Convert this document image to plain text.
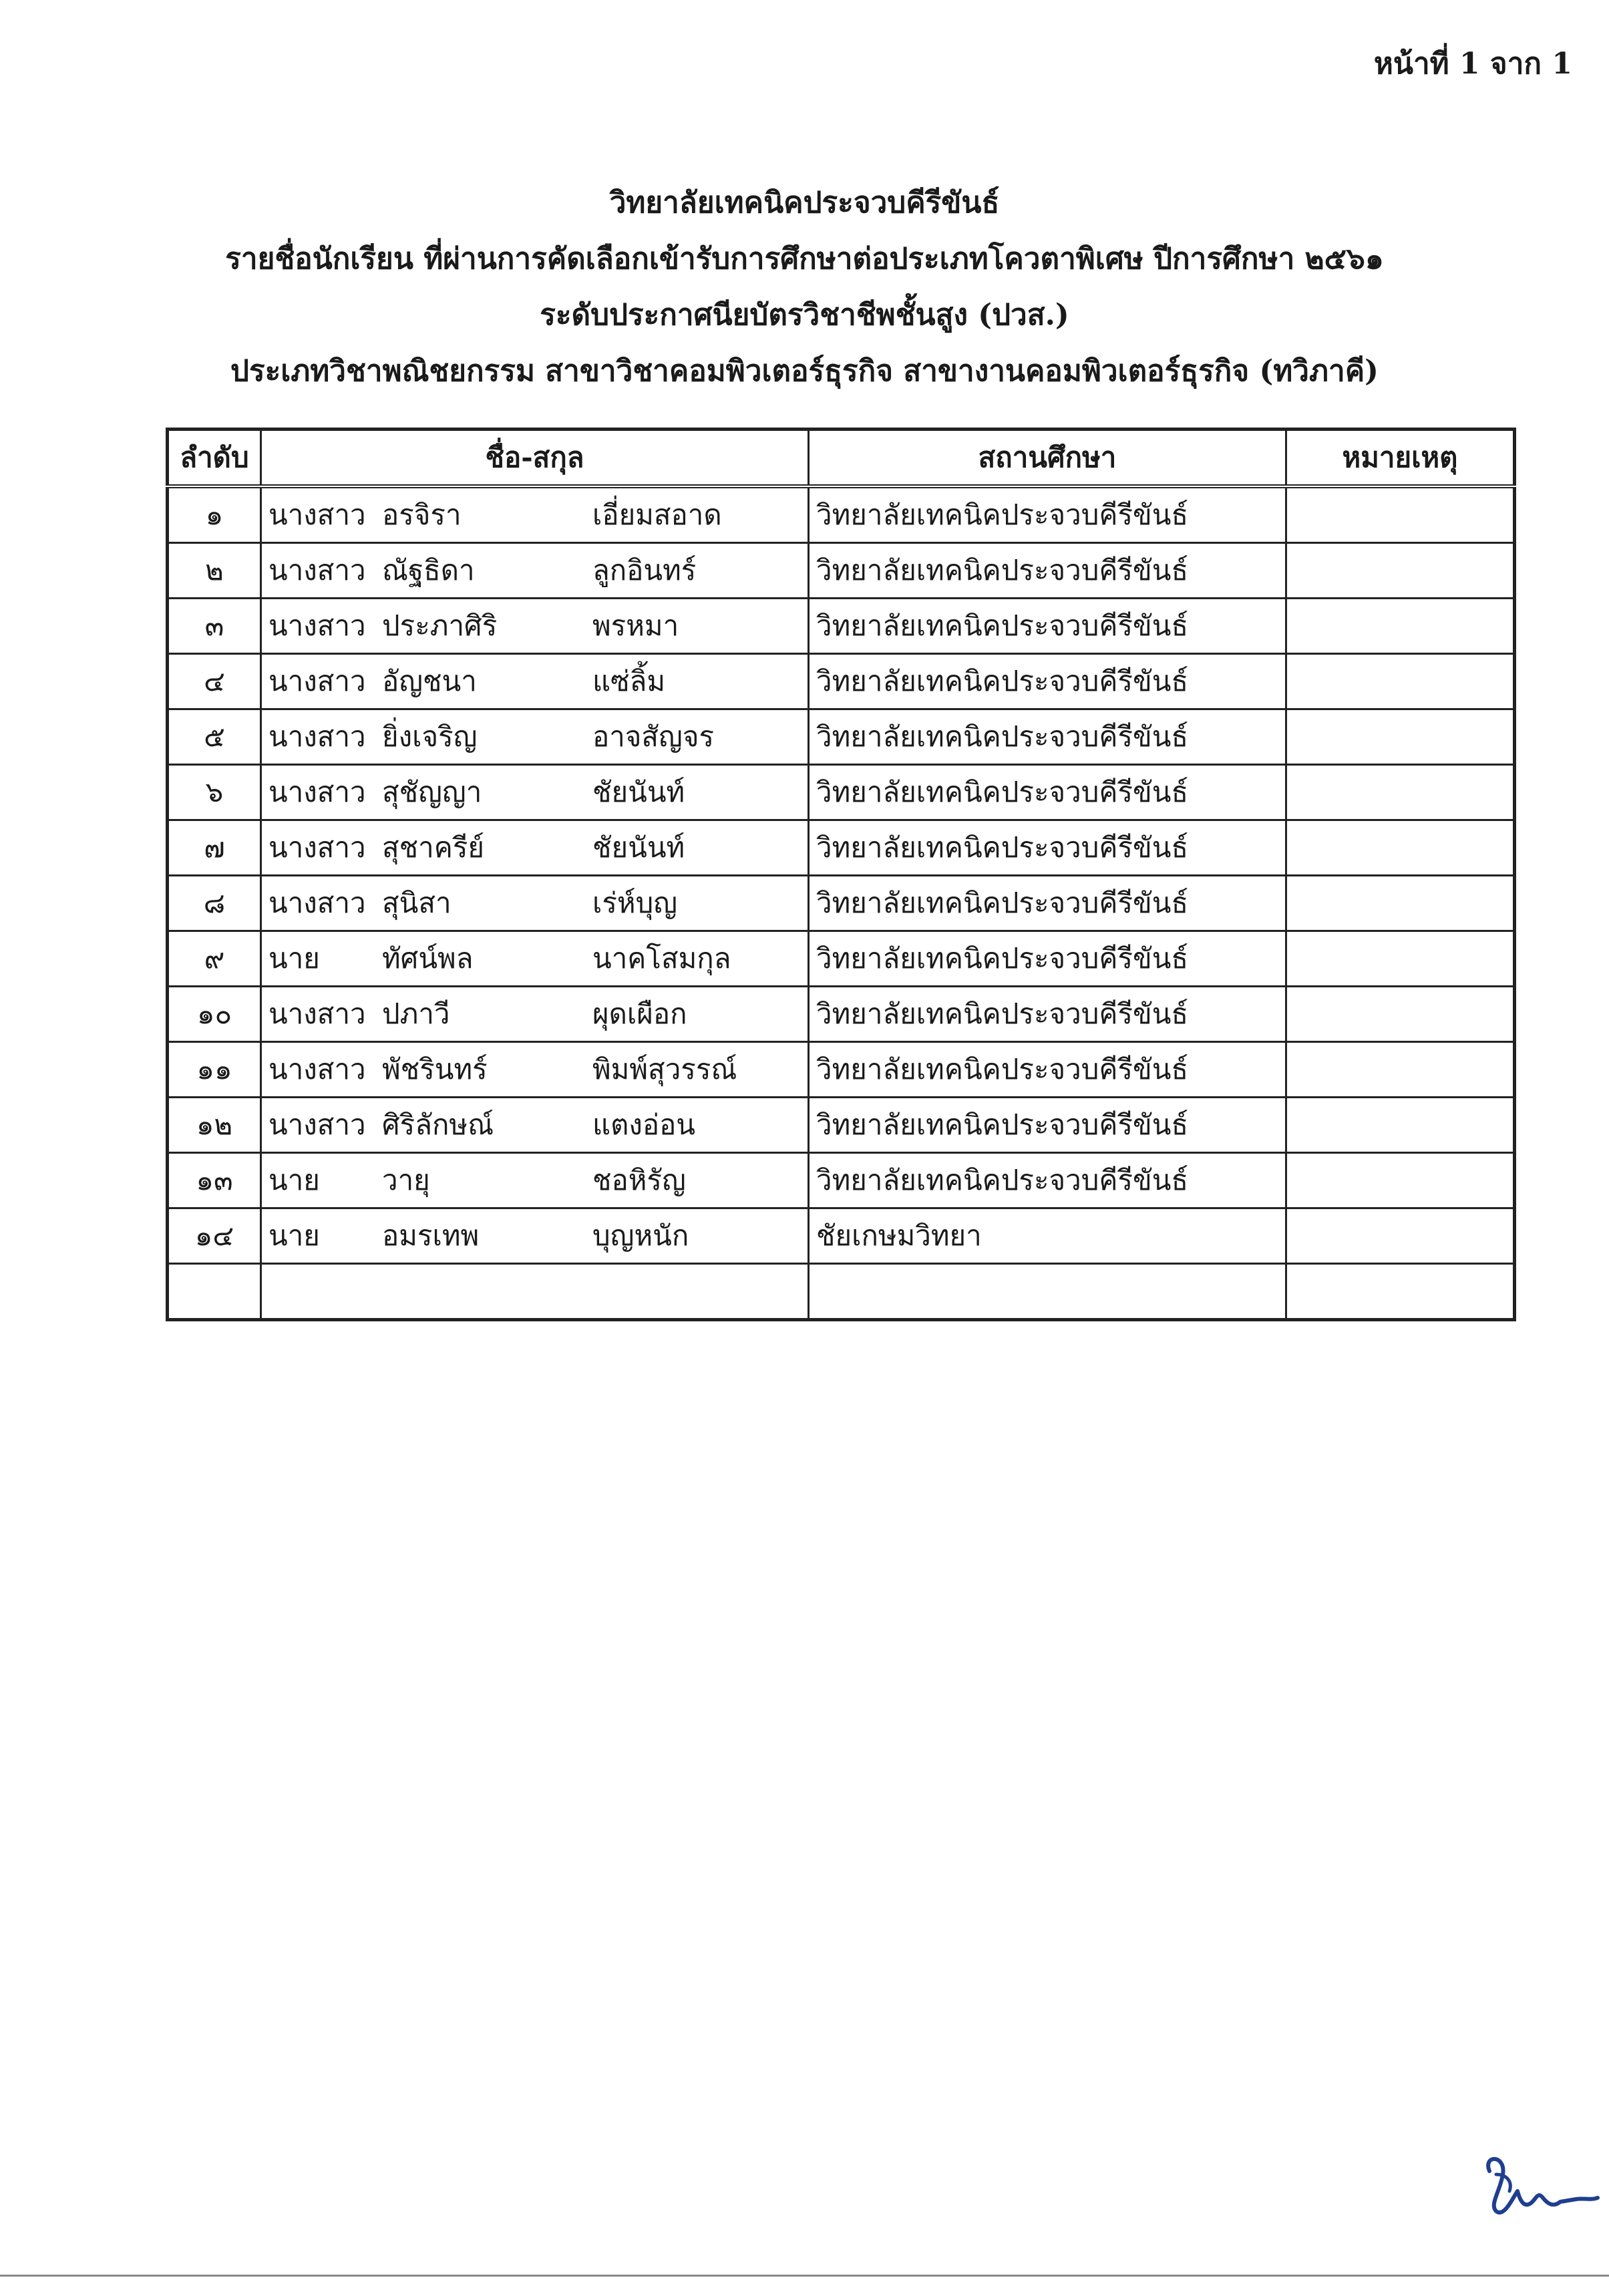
หน้าที่ 1 จาก 1
วิทยาลัยเทคนิคประจวบคีรีขันธ์
รายชื่อนักเรียน ที่ผ่านการคัดเลือกเข้ารับการศึกษาต่อประเภทโควตาพิเศษ ปีการศึกษา ๒๕๖๑
ระดับประกาศนียบัตรวิชาชีพชั้นสูง (ปวส.)
ประเภทวิชาพณิชยกรรม สาขาวิชาคอมพิวเตอร์ธุรกิจ สาขางานคอมพิวเตอร์ธุรกิจ (ทวิภาคี)
ลำดับ	ชื่อ-สกุล	สถานศึกษา	หมายเหตุ
๑	นางสาว อรจิรา เอี่ยมสอาด	วิทยาลัยเทคนิคประจวบคีรีขันธ์	
๒	นางสาว ณัฐธิดา ลูกอินทร์	วิทยาลัยเทคนิคประจวบคีรีขันธ์	
๓	นางสาว ประภาศิริ พรหมา	วิทยาลัยเทคนิคประจวบคีรีขันธ์	
๔	นางสาว อัญชนา แซ่ลิ้ม	วิทยาลัยเทคนิคประจวบคีรีขันธ์	
๕	นางสาว ยิ่งเจริญ อาจสัญจร	วิทยาลัยเทคนิคประจวบคีรีขันธ์	
๖	นางสาว สุชัญญา ชัยนันท์	วิทยาลัยเทคนิคประจวบคีรีขันธ์	
๗	นางสาว สุชาครีย์ ชัยนันท์	วิทยาลัยเทคนิคประจวบคีรีขันธ์	
๘	นางสาว สุนิสา เร่ห์บุญ	วิทยาลัยเทคนิคประจวบคีรีขันธ์	
๙	นาย ทัศน์พล นาคโสมกุล	วิทยาลัยเทคนิคประจวบคีรีขันธ์	
๑๐	นางสาว ปภาวี ผุดเผือก	วิทยาลัยเทคนิคประจวบคีรีขันธ์	
๑๑	นางสาว พัชรินทร์ พิมพ์สุวรรณ์	วิทยาลัยเทคนิคประจวบคีรีขันธ์	
๑๒	นางสาว ศิริลักษณ์ แตงอ่อน	วิทยาลัยเทคนิคประจวบคีรีขันธ์	
๑๓	นาย วายุ ชอหิรัญ	วิทยาลัยเทคนิคประจวบคีรีขันธ์	
๑๔	นาย อมรเทพ บุญหนัก	ชัยเกษมวิทยา	
